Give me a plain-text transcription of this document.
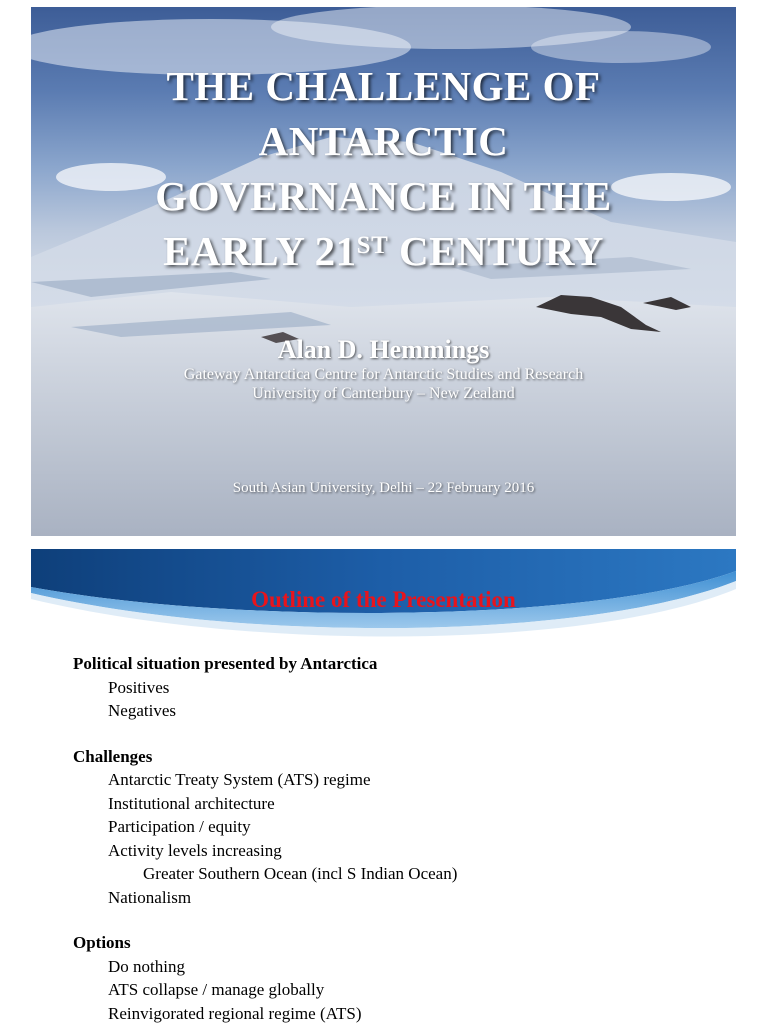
THE CHALLENGE OF
ANTARCTIC
GOVERNANCE IN THE
EARLY 21ST CENTURY
Alan D. Hemmings
Gateway Antarctica Centre for Antarctic Studies and Research
University of Canterbury – New Zealand
South Asian University, Delhi – 22 February 2016
Outline of the Presentation
Political situation presented by Antarctica
Positives
Negatives
Challenges
Antarctic Treaty System (ATS) regime
Institutional architecture
Participation / equity
Activity levels increasing
Greater Southern Ocean (incl S Indian Ocean)
Nationalism
Options
Do nothing
ATS collapse / manage globally
Reinvigorated regional regime (ATS)
